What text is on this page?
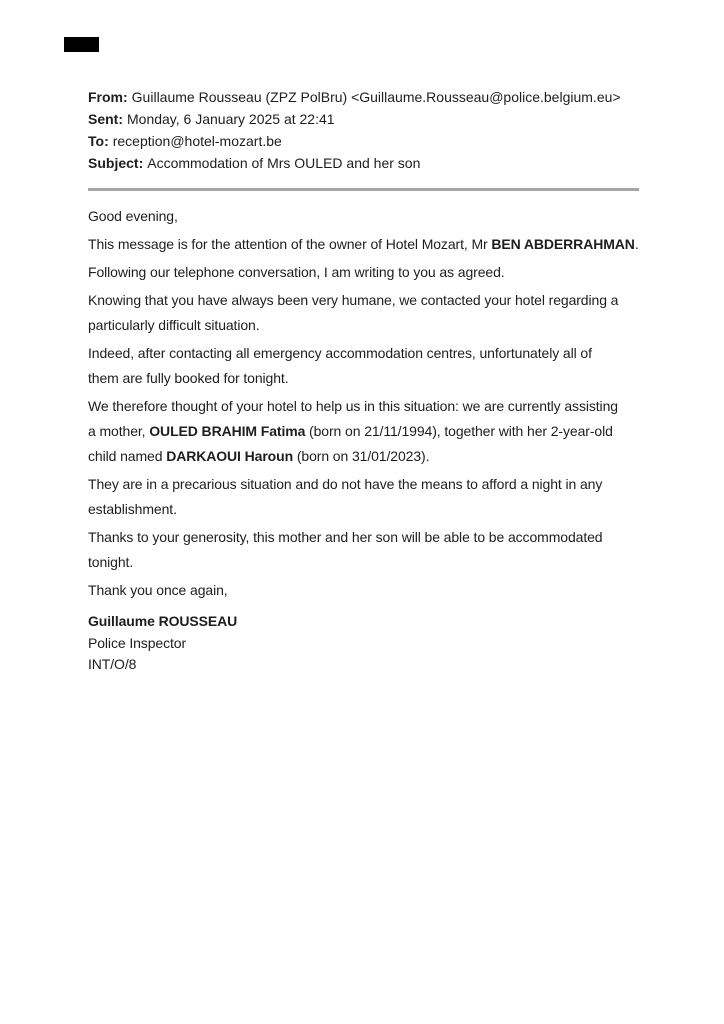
From: Guillaume Rousseau (ZPZ PolBru) <Guillaume.Rousseau@police.belgium.eu>
Sent: Monday, 6 January 2025 at 22:41
To: reception@hotel-mozart.be
Subject: Accommodation of Mrs OULED and her son

Good evening,

This message is for the attention of the owner of Hotel Mozart, Mr BEN ABDERRAHMAN.

Following our telephone conversation, I am writing to you as agreed.

Knowing that you have always been very humane, we contacted your hotel regarding a
particularly difficult situation.

Indeed, after contacting all emergency accommodation centres, unfortunately all of
them are fully booked for tonight.

We therefore thought of your hotel to help us in this situation: we are currently assisting
a mother, OULED BRAHIM Fatima (born on 21/11/1994), together with her 2-year-old
child named DARKAOUI Haroun (born on 31/01/2023).

They are in a precarious situation and do not have the means to afford a night in any
establishment.

Thanks to your generosity, this mother and her son will be able to be accommodated
tonight.

Thank you once again,

Guillaume ROUSSEAU
Police Inspector
INT/O/8
